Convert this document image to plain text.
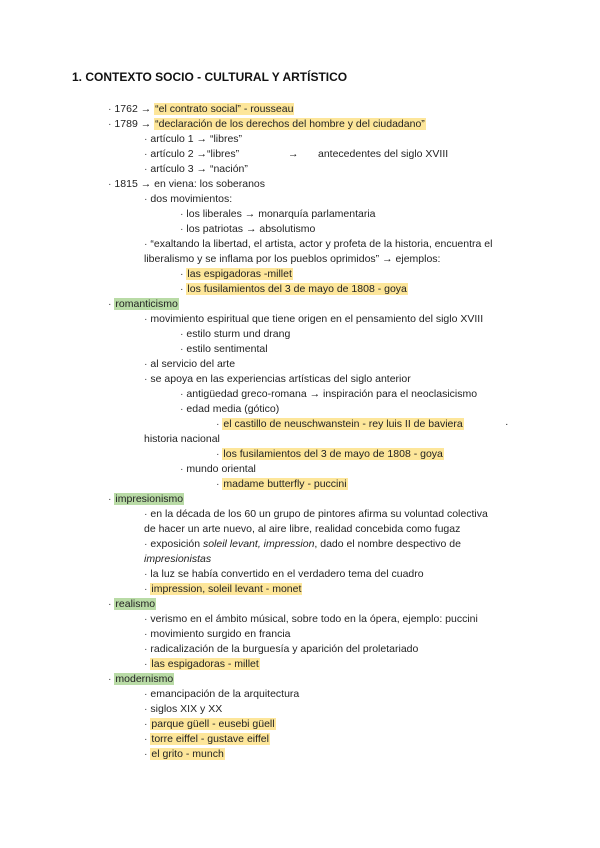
1. CONTEXTO SOCIO - CULTURAL Y ARTÍSTICO
· 1762 → “el contrato social” - rousseau
· 1789 → “declaración de los derechos del hombre y del ciudadano”
· artículo 1 → “libres”
· artículo 2 →“libres”
· artículo 3 → “nación”
· 1815 → en viena: los soberanos
· dos movimientos:
· los liberales → monarquía parlamentaria
· los patriotas → absolutismo
· “exaltando la libertad, el artista, actor y profeta de la historia, encuentra el
liberalismo y se inflama por los pueblos oprimidos” → ejemplos:
· las espigadoras -millet
· los fusilamientos del 3 de mayo de 1808 - goya
· romanticismo
· movimiento espiritual que tiene origen en el pensamiento del siglo XVIII
· estilo sturm und drang
· estilo sentimental
· al servicio del arte
· se apoya en las experiencias artísticas del siglo anterior
· antigüedad greco-romana → inspiración para el neoclasicismo
· edad media (gótico)
· el castillo de neuschwanstein - rey luis II de baviera
historia nacional
· los fusilamientos del 3 de mayo de 1808 - goya
· mundo oriental
· madame butterfly - puccini
· impresionismo
· en la década de los 60 un grupo de pintores afirma su voluntad colectiva
de hacer un arte nuevo, al aire libre, realidad concebida como fugaz
· exposición soleil levant, impression, dado el nombre despectivo de
impresionistas
· la luz se había convertido en el verdadero tema del cuadro
· impression, soleil levant - monet
· realismo
· verismo en el ámbito músical, sobre todo en la ópera, ejemplo: puccini
· movimiento surgido en francia
· radicalización de la burguesía y aparición del proletariado
· las espigadoras - millet
· modernismo
· emancipación de la arquitectura
· siglos XIX y XX
· parque güell - eusebi güell
· torre eiffel - gustave eiffel
· el grito - munch
→ antecedentes del siglo XVIII
·
